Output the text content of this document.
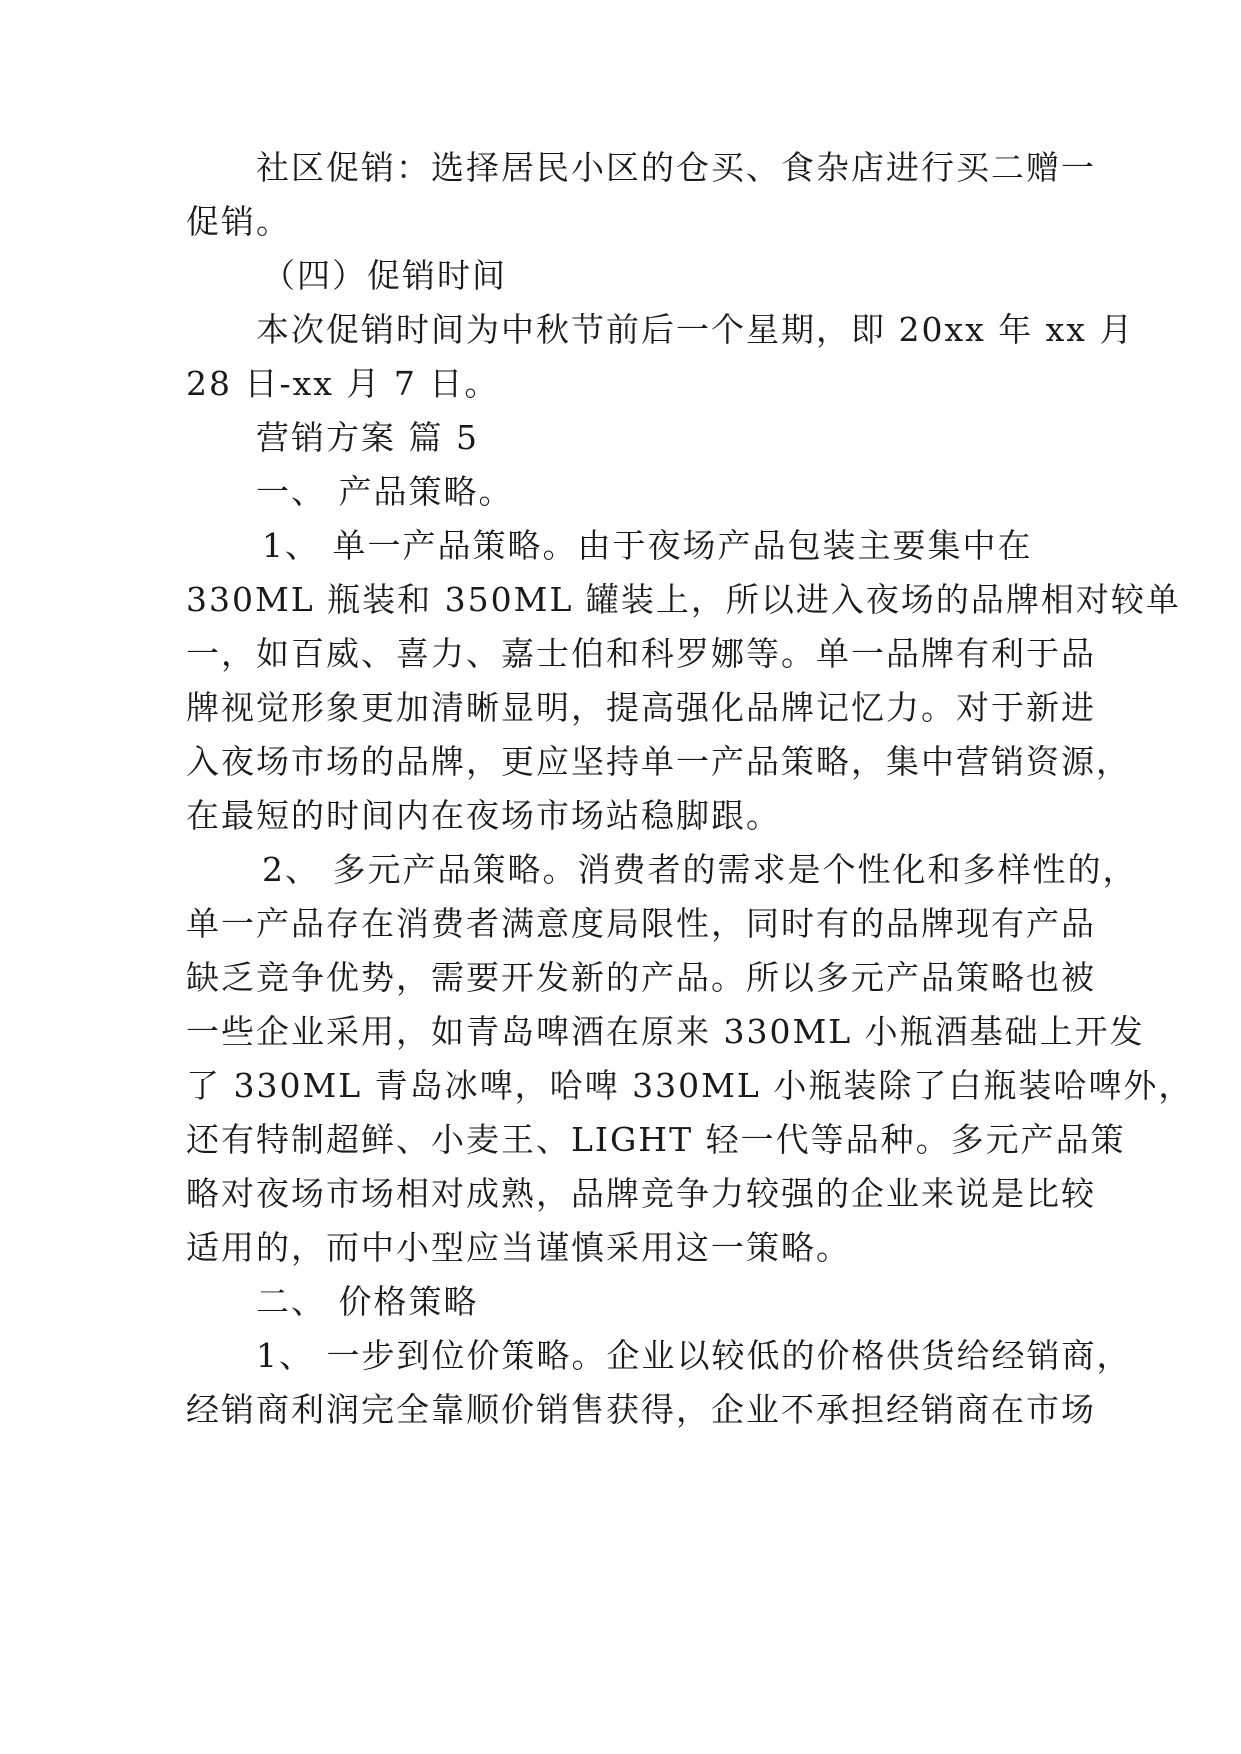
社区促销：选择居民小区的仓买、食杂店进行买二赠一
促销。
（四）促销时间
本次促销时间为中秋节前后一个星期，即 20xx 年 xx 月
28 日-xx 月 7 日。
营销方案 篇 5
一、 产品策略。
1、 单一产品策略。由于夜场产品包装主要集中在
330ML 瓶装和 350ML 罐装上，所以进入夜场的品牌相对较单
一，如百威、喜力、嘉士伯和科罗娜等。单一品牌有利于品
牌视觉形象更加清晰显明，提高强化品牌记忆力。对于新进
入夜场市场的品牌，更应坚持单一产品策略，集中营销资源，
在最短的时间内在夜场市场站稳脚跟。
2、 多元产品策略。消费者的需求是个性化和多样性的，
单一产品存在消费者满意度局限性，同时有的品牌现有产品
缺乏竞争优势，需要开发新的产品。所以多元产品策略也被
一些企业采用，如青岛啤酒在原来 330ML 小瓶酒基础上开发
了 330ML 青岛冰啤，哈啤 330ML 小瓶装除了白瓶装哈啤外，
还有特制超鲜、小麦王、LIGHT 轻一代等品种。多元产品策
略对夜场市场相对成熟，品牌竞争力较强的企业来说是比较
适用的，而中小型应当谨慎采用这一策略。
二、 价格策略
1、 一步到位价策略。企业以较低的价格供货给经销商，
经销商利润完全靠顺价销售获得，企业不承担经销商在市场
